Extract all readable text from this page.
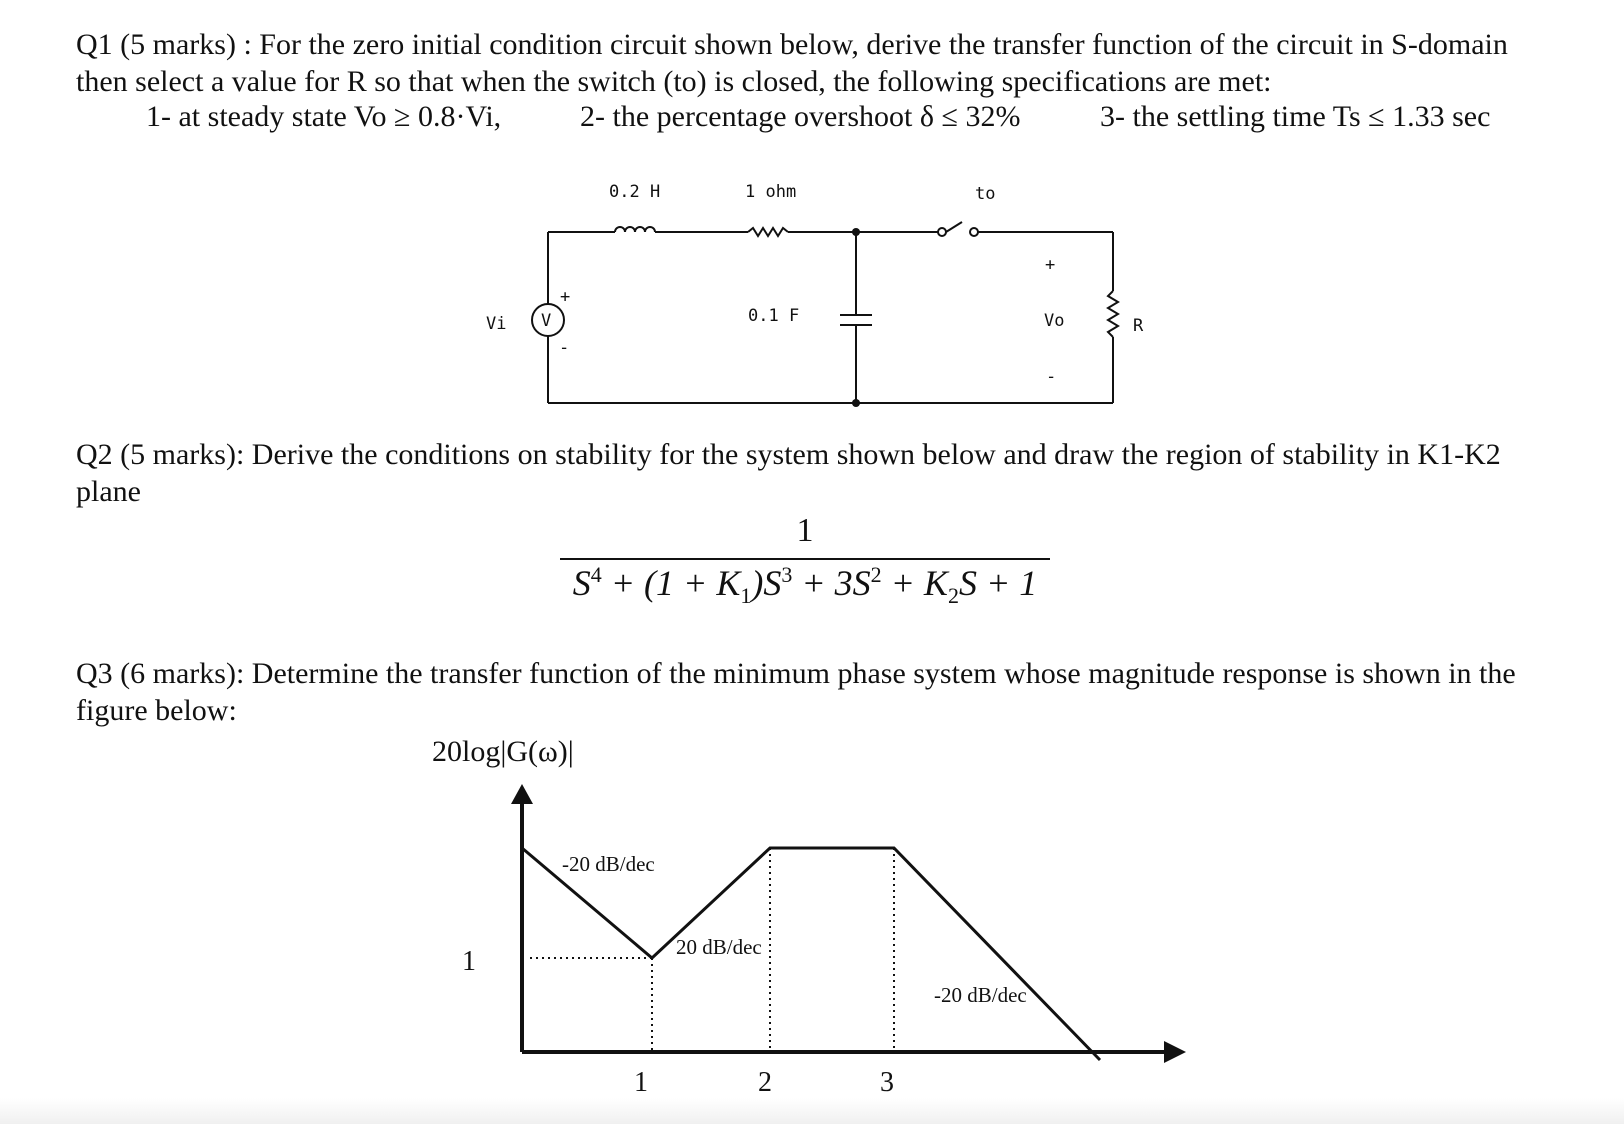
Q1 (5 marks) : For the zero initial condition circuit shown below, derive the transfer function of the circuit in S-domain then select a value for R so that when the switch (to) is closed, the following specifications are met:

1- at steady state Vo ≥ 0.8·Vi,	2- the percentage overshoot δ ≤ 32%	3- the settling time Ts ≤ 1.33 sec
0.2 H	1 ohm	to
0.1 F
Vi V
+
-
+
Vo
-
R

Q2 (5 marks): Derive the conditions on stability for the system shown below and draw the region of stability in K1-K2 plane

1
$S^4 + (1 + K_1)S^3 + 3S^2 + K_2S + 1$

Q3 (6 marks): Determine the transfer function of the minimum phase system whose magnitude response is shown in the figure below:

20log|G(ω)|
-20 dB/dec
20 dB/dec
-20 dB/dec
1
1	2	3
